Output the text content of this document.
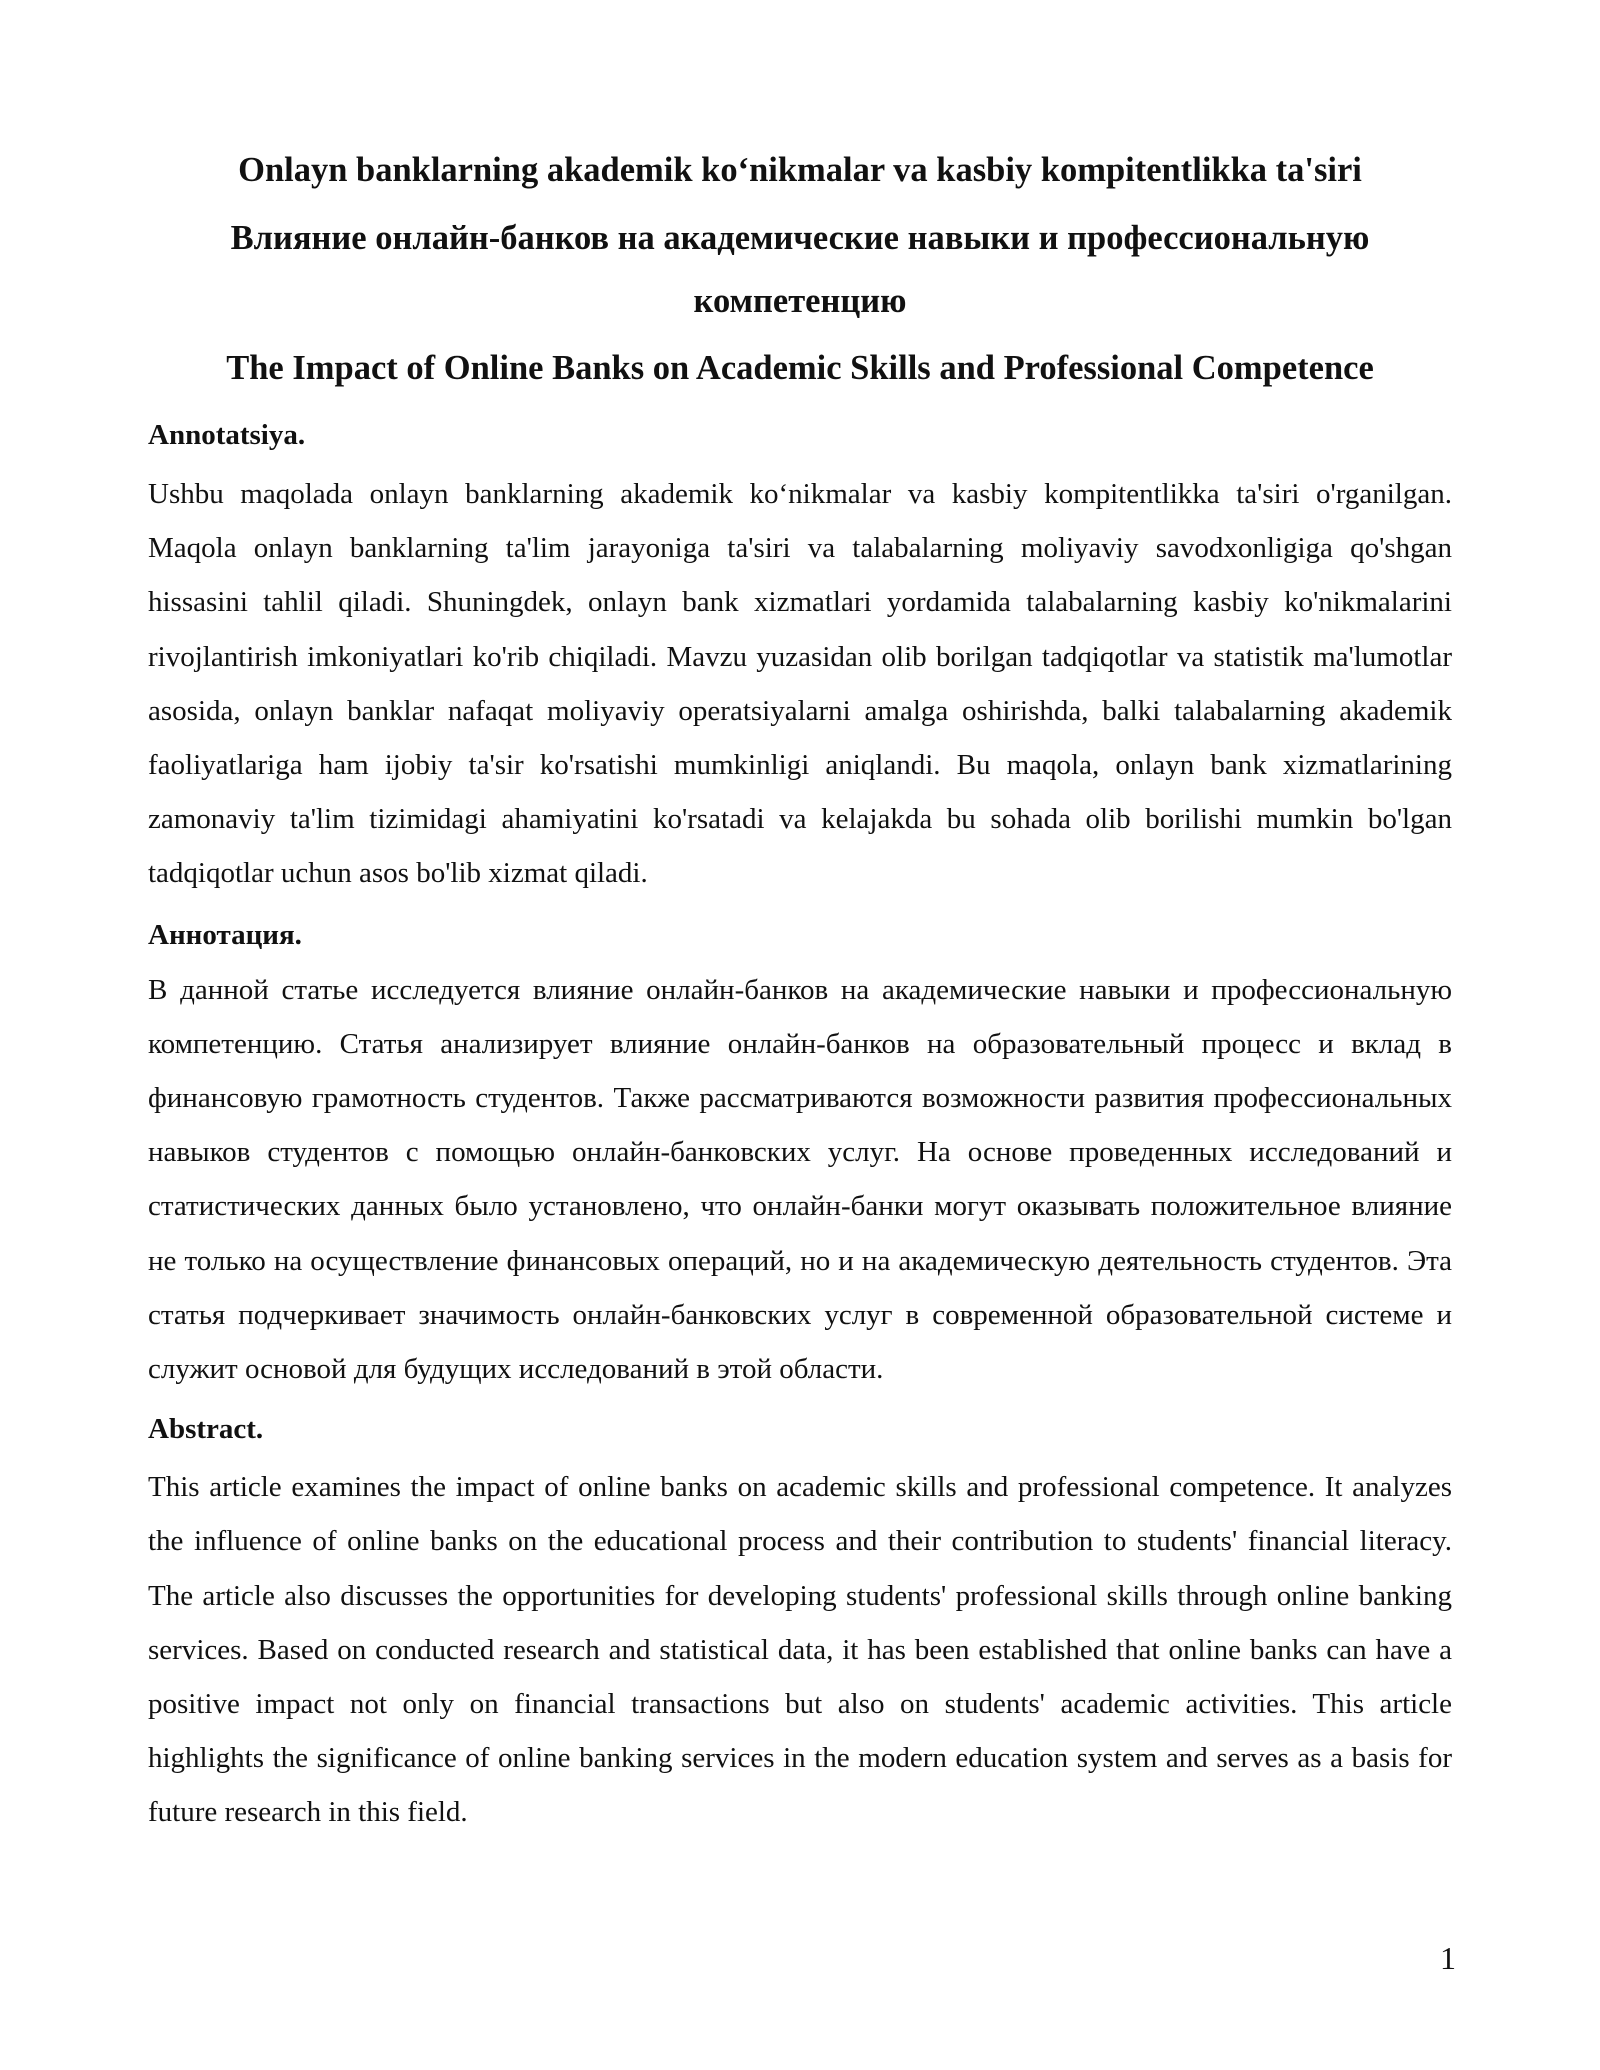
Onlayn banklarning akademik ko‘nikmalar va kasbiy kompitentlikka ta'siri
Влияние онлайн-банков на академические навыки и профессиональную компетенцию
The Impact of Online Banks on Academic Skills and Professional Competence
Annotatsiya.

Ushbu maqolada onlayn banklarning akademik ko‘nikmalar va kasbiy kompitentlikka ta'siri o'rganilgan. Maqola onlayn banklarning ta'lim jarayoniga ta'siri va talabalarning moliyaviy savodxonligiga qo'shgan hissasini tahlil qiladi. Shuningdek, onlayn bank xizmatlari yordamida talabalarning kasbiy ko'nikmalarini rivojlantirish imkoniyatlari ko'rib chiqiladi. Mavzu yuzasidan olib borilgan tadqiqotlar va statistik ma'lumotlar asosida, onlayn banklar nafaqat moliyaviy operatsiyalarni amalga oshirishda, balki talabalarning akademik faoliyatlariga ham ijobiy ta'sir ko'rsatishi mumkinligi aniqlandi. Bu maqola, onlayn bank xizmatlarining zamonaviy ta'lim tizimidagi ahamiyatini ko'rsatadi va kelajakda bu sohada olib borilishi mumkin bo'lgan tadqiqotlar uchun asos bo'lib xizmat qiladi.

Аннотация.

В данной статье исследуется влияние онлайн-банков на академические навыки и профессиональную компетенцию. Статья анализирует влияние онлайн-банков на образовательный процесс и вклад в финансовую грамотность студентов. Также рассматриваются возможности развития профессиональных навыков студентов с помощью онлайн-банковских услуг. На основе проведенных исследований и статистических данных было установлено, что онлайн-банки могут оказывать положительное влияние не только на осуществление финансовых операций, но и на академическую деятельность студентов. Эта статья подчеркивает значимость онлайн-банковских услуг в современной образовательной системе и служит основой для будущих исследований в этой области.

Abstract.

This article examines the impact of online banks on academic skills and professional competence. It analyzes the influence of online banks on the educational process and their contribution to students' financial literacy. The article also discusses the opportunities for developing students' professional skills through online banking services. Based on conducted research and statistical data, it has been established that online banks can have a positive impact not only on financial transactions but also on students' academic activities. This article highlights the significance of online banking services in the modern education system and serves as a basis for future research in this field.

1
